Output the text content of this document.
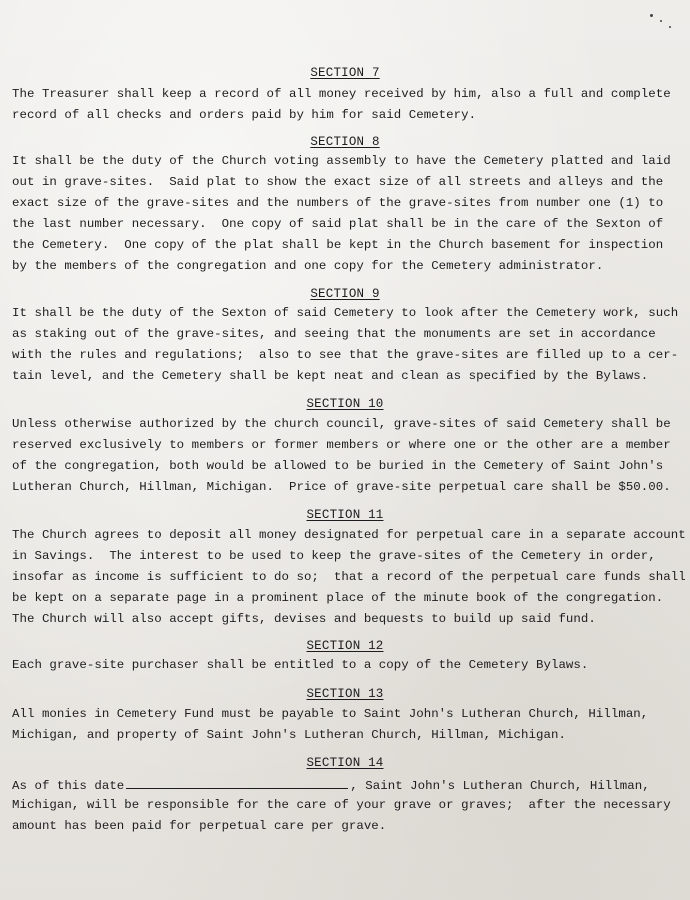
SECTION 7
The Treasurer shall keep a record of all money received by him, also a full and complete
record of all checks and orders paid by him for said Cemetery.
SECTION 8
It shall be the duty of the Church voting assembly to have the Cemetery platted and laid
out in grave-sites.  Said plat to show the exact size of all streets and alleys and the
exact size of the grave-sites and the numbers of the grave-sites from number one (1) to
the last number necessary.  One copy of said plat shall be in the care of the Sexton of
the Cemetery.  One copy of the plat shall be kept in the Church basement for inspection
by the members of the congregation and one copy for the Cemetery administrator.
SECTION 9
It shall be the duty of the Sexton of said Cemetery to look after the Cemetery work, such
as staking out of the grave-sites, and seeing that the monuments are set in accordance
with the rules and regulations;  also to see that the grave-sites are filled up to a cer-
tain level, and the Cemetery shall be kept neat and clean as specified by the Bylaws.
SECTION 10
Unless otherwise authorized by the church council, grave-sites of said Cemetery shall be
reserved exclusively to members or former members or where one or the other are a member
of the congregation, both would be allowed to be buried in the Cemetery of Saint John's
Lutheran Church, Hillman, Michigan.  Price of grave-site perpetual care shall be $50.00.
SECTION 11
The Church agrees to deposit all money designated for perpetual care in a separate account
in Savings.  The interest to be used to keep the grave-sites of the Cemetery in order,
insofar as income is sufficient to do so;  that a record of the perpetual care funds shall
be kept on a separate page in a prominent place of the minute book of the congregation.
The Church will also accept gifts, devises and bequests to build up said fund.
SECTION 12
Each grave-site purchaser shall be entitled to a copy of the Cemetery Bylaws.
SECTION 13
All monies in Cemetery Fund must be payable to Saint John's Lutheran Church, Hillman,
Michigan, and property of Saint John's Lutheran Church, Hillman, Michigan.
SECTION 14
As of this date	, Saint John's Lutheran Church, Hillman,
Michigan, will be responsible for the care of your grave or graves;  after the necessary
amount has been paid for perpetual care per grave.
